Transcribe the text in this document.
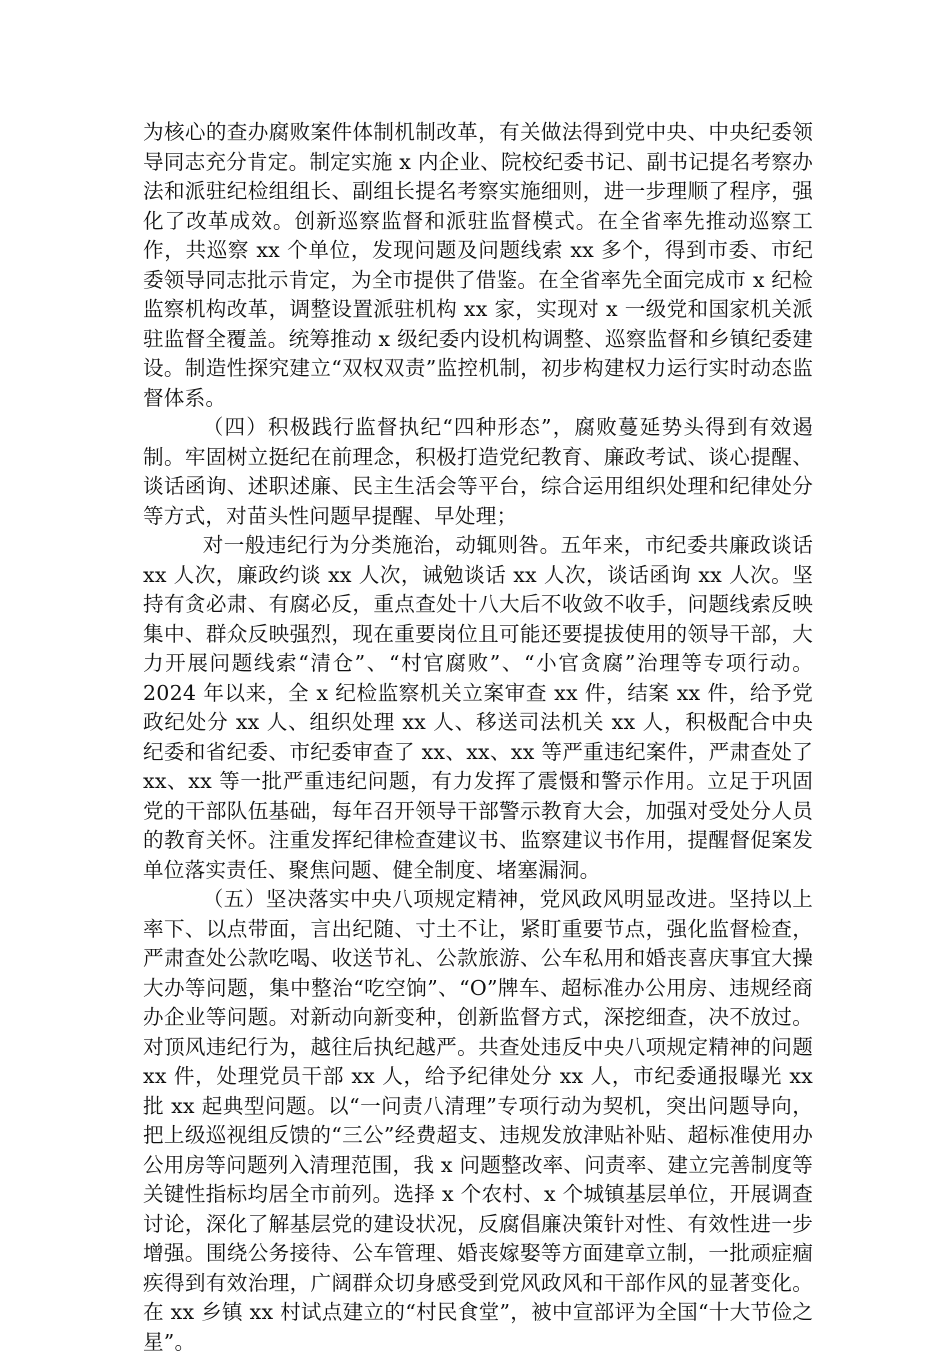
为核心的查办腐败案件体制机制改革，有关做法得到党中央、中央纪委领导同志充分肯定。制定实施 x 内企业、院校纪委书记、副书记提名考察办法和派驻纪检组组长、副组长提名考察实施细则，进一步理顺了程序，强化了改革成效。创新巡察监督和派驻监督模式。在全省率先推动巡察工作，共巡察 xx 个单位，发现问题及问题线索 xx 多个，得到市委、市纪委领导同志批示肯定，为全市提供了借鉴。在全省率先全面完成市 x 纪检监察机构改革，调整设置派驻机构 xx 家，实现对 x 一级党和国家机关派驻监督全覆盖。统筹推动 x 级纪委内设机构调整、巡察监督和乡镇纪委建设。制造性探究建立“双权双责”监控机制，初步构建权力运行实时动态监督体系。

（四）积极践行监督执纪“四种形态”，腐败蔓延势头得到有效遏制。牢固树立挺纪在前理念，积极打造党纪教育、廉政考试、谈心提醒、谈话函询、述职述廉、民主生活会等平台，综合运用组织处理和纪律处分等方式，对苗头性问题早提醒、早处理；

对一般违纪行为分类施治，动辄则咎。五年来，市纪委共廉政谈话 xx 人次，廉政约谈 xx 人次，诫勉谈话 xx 人次，谈话函询 xx 人次。坚持有贪必肃、有腐必反，重点查处十八大后不收敛不收手，问题线索反映集中、群众反映强烈，现在重要岗位且可能还要提拔使用的领导干部，大力开展问题线索“清仓”、“村官腐败”、“小官贪腐”治理等专项行动。2024 年以来，全 x 纪检监察机关立案审查 xx 件，结案 xx 件，给予党政纪处分 xx 人、组织处理 xx 人、移送司法机关 xx 人，积极配合中央纪委和省纪委、市纪委审查了 xx、xx、xx 等严重违纪案件，严肃查处了 xx、xx 等一批严重违纪问题，有力发挥了震慑和警示作用。立足于巩固党的干部队伍基础，每年召开领导干部警示教育大会，加强对受处分人员的教育关怀。注重发挥纪律检查建议书、监察建议书作用，提醒督促案发单位落实责任、聚焦问题、健全制度、堵塞漏洞。

（五）坚决落实中央八项规定精神，党风政风明显改进。坚持以上率下、以点带面，言出纪随、寸土不让，紧盯重要节点，强化监督检查，严肃查处公款吃喝、收送节礼、公款旅游、公车私用和婚丧喜庆事宜大操大办等问题，集中整治“吃空饷”、“O”牌车、超标准办公用房、违规经商办企业等问题。对新动向新变种，创新监督方式，深挖细查，决不放过。对顶风违纪行为，越往后执纪越严。共查处违反中央八项规定精神的问题 xx 件，处理党员干部 xx 人，给予纪律处分 xx 人，市纪委通报曝光 xx 批 xx 起典型问题。以“一问责八清理”专项行动为契机，突出问题导向，把上级巡视组反馈的“三公”经费超支、违规发放津贴补贴、超标准使用办公用房等问题列入清理范围，我 x 问题整改率、问责率、建立完善制度等关键性指标均居全市前列。选择 x 个农村、x 个城镇基层单位，开展调查讨论，深化了解基层党的建设状况，反腐倡廉决策针对性、有效性进一步增强。围绕公务接待、公车管理、婚丧嫁娶等方面建章立制，一批顽症痼疾得到有效治理，广阔群众切身感受到党风政风和干部作风的显著变化。在 xx 乡镇 xx 村试点建立的“村民食堂”，被中宣部评为全国“十大节俭之星”。
